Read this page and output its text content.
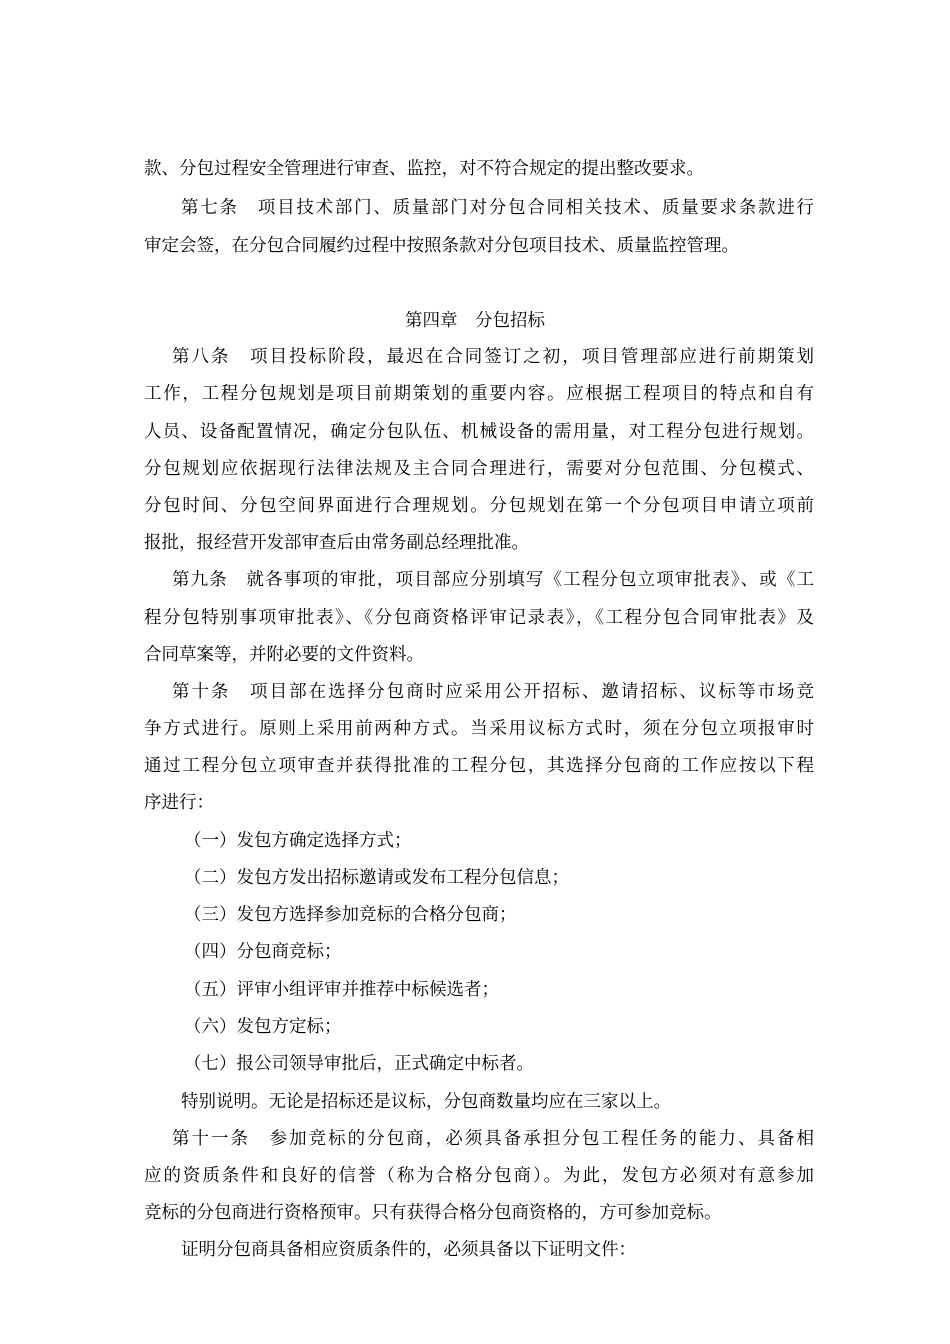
款、分包过程安全管理进行审查、监控，对不符合规定的提出整改要求。
第七条　项目技术部门、质量部门对分包合同相关技术、质量要求条款进行
审定会签，在分包合同履约过程中按照条款对分包项目技术、质量监控管理。
第四章　分包招标
第八条　项目投标阶段，最迟在合同签订之初，项目管理部应进行前期策划
工作，工程分包规划是项目前期策划的重要内容。应根据工程项目的特点和自有
人员、设备配置情况，确定分包队伍、机械设备的需用量，对工程分包进行规划。
分包规划应依据现行法律法规及主合同合理进行，需要对分包范围、分包模式、
分包时间、分包空间界面进行合理规划。分包规划在第一个分包项目申请立项前
报批，报经营开发部审查后由常务副总经理批准。
第九条　就各事项的审批，项目部应分别填写《工程分包立项审批表》、或《工
程分包特别事项审批表》、《分包商资格评审记录表》，《工程分包合同审批表》及
合同草案等，并附必要的文件资料。
第十条　项目部在选择分包商时应采用公开招标、邀请招标、议标等市场竞
争方式进行。原则上采用前两种方式。当采用议标方式时，须在分包立项报审时
通过工程分包立项审查并获得批准的工程分包，其选择分包商的工作应按以下程
序进行：
（一）发包方确定选择方式；
（二）发包方发出招标邀请或发布工程分包信息；
（三）发包方选择参加竞标的合格分包商；
（四）分包商竞标；
（五）评审小组评审并推荐中标候选者；
（六）发包方定标；
（七）报公司领导审批后，正式确定中标者。
特别说明。无论是招标还是议标，分包商数量均应在三家以上。
第十一条　参加竞标的分包商，必须具备承担分包工程任务的能力、具备相
应的资质条件和良好的信誉（称为合格分包商）。为此，发包方必须对有意参加
竞标的分包商进行资格预审。只有获得合格分包商资格的，方可参加竞标。
证明分包商具备相应资质条件的，必须具备以下证明文件：
